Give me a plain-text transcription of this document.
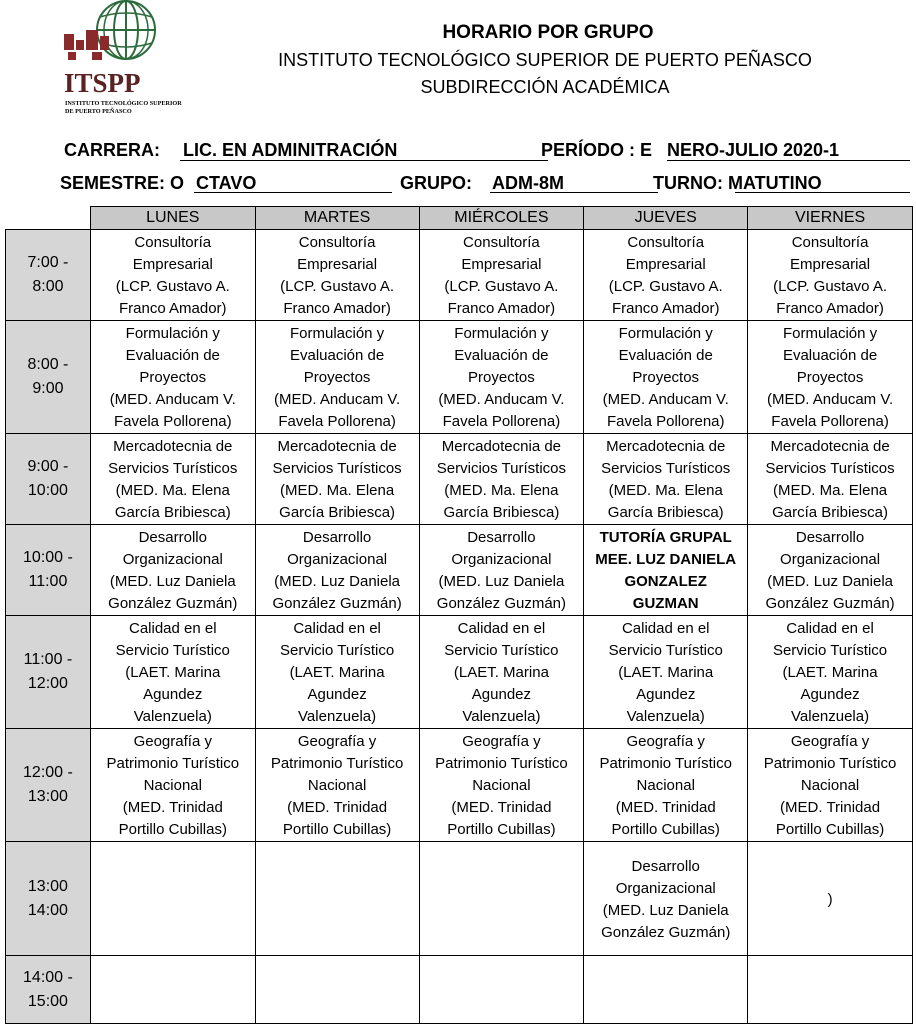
ITSPP
INSTITUTO TECNOLÓGICO SUPERIOR
DE PUERTO PEÑASCO
HORARIO POR GRUPO
INSTITUTO TECNOLÓGICO SUPERIOR DE PUERTO PEÑASCO
SUBDIRECCIÓN ACADÉMICA
CARRERA: LIC. EN ADMINITRACIÓN	PERÍODO : E NERO-JULIO 2020-1
SEMESTRE: O CTAVO	GRUPO: ADM-8M	TURNO: MATUTINO
	LUNES	MARTES	MIÉRCOLES	JUEVES	VIERNES

7:00 -
8:00	Consultoría
Empresarial
(LCP. Gustavo A.
Franco Amador)	Consultoría
Empresarial
(LCP. Gustavo A.
Franco Amador)	Consultoría
Empresarial
(LCP. Gustavo A.
Franco Amador)	Consultoría
Empresarial
(LCP. Gustavo A.
Franco Amador)	Consultoría
Empresarial
(LCP. Gustavo A.
Franco Amador)

8:00 -
9:00	Formulación y
Evaluación de
Proyectos
(MED. Anducam V.
Favela Pollorena)	Formulación y
Evaluación de
Proyectos
(MED. Anducam V.
Favela Pollorena)	Formulación y
Evaluación de
Proyectos
(MED. Anducam V.
Favela Pollorena)	Formulación y
Evaluación de
Proyectos
(MED. Anducam V.
Favela Pollorena)	Formulación y
Evaluación de
Proyectos
(MED. Anducam V.
Favela Pollorena)

9:00 -
10:00	Mercadotecnia de
Servicios Turísticos
(MED. Ma. Elena
García Bribiesca)	Mercadotecnia de
Servicios Turísticos
(MED. Ma. Elena
García Bribiesca)	Mercadotecnia de
Servicios Turísticos
(MED. Ma. Elena
García Bribiesca)	Mercadotecnia de
Servicios Turísticos
(MED. Ma. Elena
García Bribiesca)	Mercadotecnia de
Servicios Turísticos
(MED. Ma. Elena
García Bribiesca)

10:00 -
11:00	Desarrollo
Organizacional
(MED. Luz Daniela
González Guzmán)	Desarrollo
Organizacional
(MED. Luz Daniela
González Guzmán)	Desarrollo
Organizacional
(MED. Luz Daniela
González Guzmán)	TUTORÍA GRUPAL
MEE. LUZ DANIELA
GONZALEZ
GUZMAN	Desarrollo
Organizacional
(MED. Luz Daniela
González Guzmán)

11:00 -
12:00	Calidad en el
Servicio Turístico
(LAET. Marina
Agundez
Valenzuela)	Calidad en el
Servicio Turístico
(LAET. Marina
Agundez
Valenzuela)	Calidad en el
Servicio Turístico
(LAET. Marina
Agundez
Valenzuela)	Calidad en el
Servicio Turístico
(LAET. Marina
Agundez
Valenzuela)	Calidad en el
Servicio Turístico
(LAET. Marina
Agundez
Valenzuela)

12:00 -
13:00	Geografía y
Patrimonio Turístico
Nacional
(MED. Trinidad
Portillo Cubillas)	Geografía y
Patrimonio Turístico
Nacional
(MED. Trinidad
Portillo Cubillas)	Geografía y
Patrimonio Turístico
Nacional
(MED. Trinidad
Portillo Cubillas)	Geografía y
Patrimonio Turístico
Nacional
(MED. Trinidad
Portillo Cubillas)	Geografía y
Patrimonio Turístico
Nacional
(MED. Trinidad
Portillo Cubillas)

13:00
14:00				Desarrollo
Organizacional
(MED. Luz Daniela
González Guzmán)	)

14:00 -
15:00					
